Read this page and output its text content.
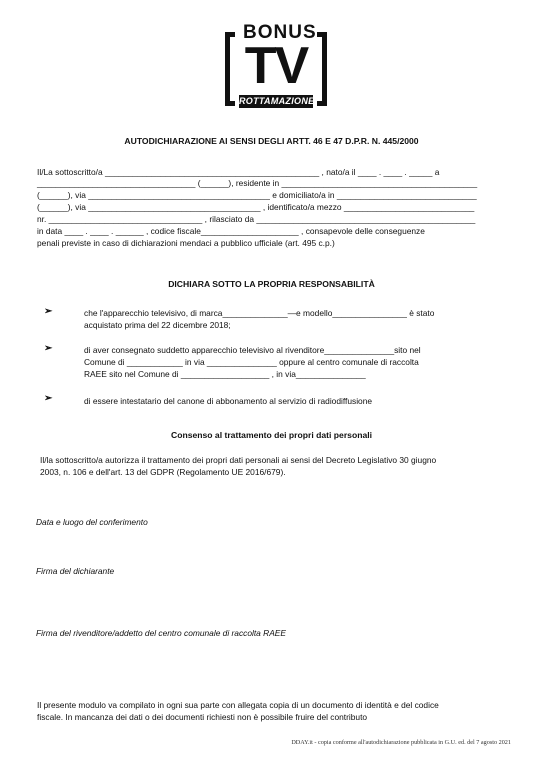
BONUS
TV
ROTTAMAZIONE
AUTODICHIARAZIONE AI SENSI DEGLI ARTT. 46 E 47 D.P.R. N. 445/2000
Il/La sottoscritto/a ______________________________________________ , nato/a il ____ . ____ . _____ a
__________________________________ (______), residente in __________________________________________
(______), via _______________________________________ e domiciliato/a in ______________________________
(______), via _____________________________________ , identificato/a mezzo ____________________________
nr. _________________________________ , rilasciato da _______________________________________________
in data ____ . ____ . ______ , codice fiscale_____________________ , consapevole delle conseguenze
penali previste in caso di dichiarazioni mendaci a pubblico ufficiale (art. 495 c.p.)
DICHIARA SOTTO LA PROPRIA RESPONSABILITÀ
➢	che l'apparecchio televisivo, di marca______________—e modello________________ è stato
acquistato prima del 22 dicembre 2018;
➢	di aver consegnato suddetto apparecchio televisivo al rivenditore_______________sito nel
Comune di ____________ in via _______________ oppure al centro comunale di raccolta
RAEE sito nel Comune di ___________________ , in via_______________
➢	di essere intestatario del canone di abbonamento al servizio di radiodiffusione
Consenso al trattamento dei propri dati personali
Il/la sottoscritto/a autorizza il trattamento dei propri dati personali ai sensi del Decreto Legislativo 30 giugno
2003, n. 106 e dell'art. 13 del GDPR (Regolamento UE 2016/679).
Data e luogo del conferimento
Firma del dichiarante
Firma del rivenditore/addetto del centro comunale di raccolta RAEE
Il presente modulo va compilato in ogni sua parte con allegata copia di un documento di identità e del codice
fiscale. In mancanza dei dati o dei documenti richiesti non è possibile fruire del contributo
DDAY.it - copia conforme all'autodichiarazione pubblicata in G.U. ed. del 7 agosto 2021
